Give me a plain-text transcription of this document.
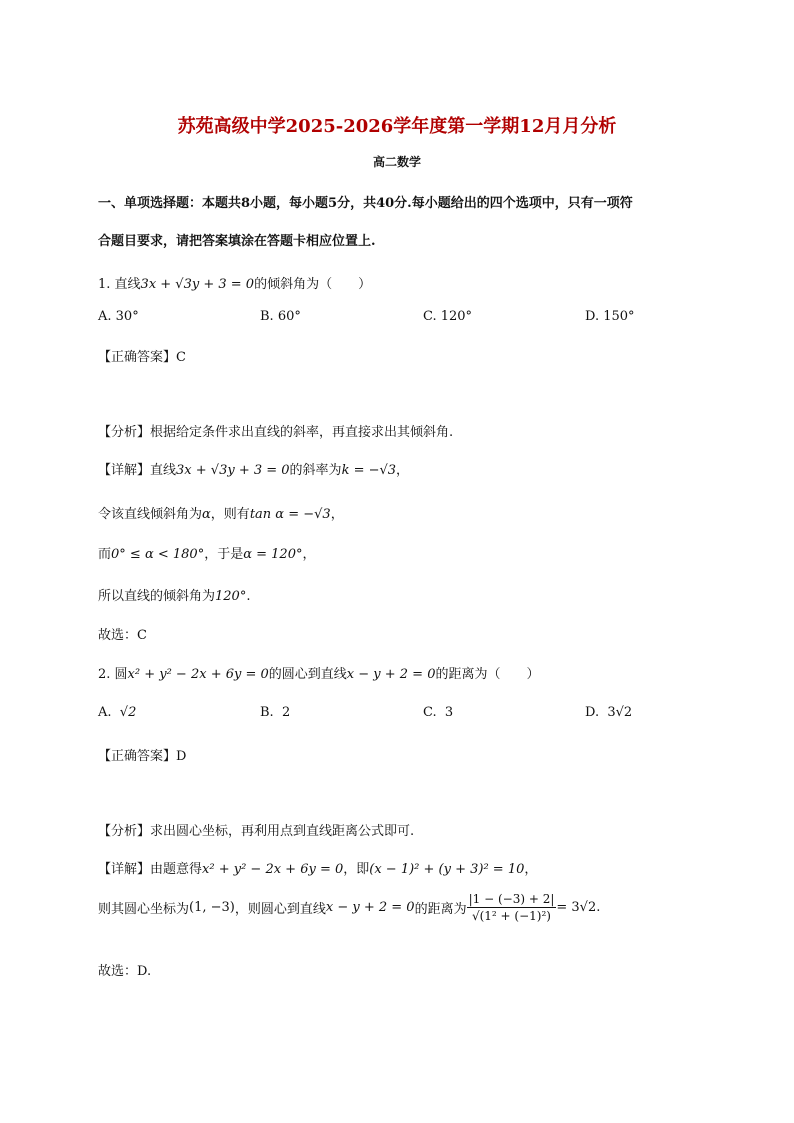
苏苑高级中学2025-2026学年度第一学期12月月分析
高二数学
一、单项选择题：本题共8小题，每小题5分，共40分.每小题给出的四个选项中，只有一项符
合题目要求，请把答案填涂在答题卡相应位置上.
1. 直线3x + √3y + 3 = 0的倾斜角为（　　）
A. 30°	B. 60°	C. 120°	D. 150°
【正确答案】C
【分析】根据给定条件求出直线的斜率，再直接求出其倾斜角.
【详解】直线3x + √3y + 3 = 0的斜率为k = −√3，
令该直线倾斜角为α，则有tan α = −√3，
而0° ≤ α < 180°，于是α = 120°，
所以直线的倾斜角为120°.
故选：C
2. 圆x² + y² − 2x + 6y = 0的圆心到直线x − y + 2 = 0的距离为（　　）
A. √2	B. 2	C. 3	D. 3√2
【正确答案】D
【分析】求出圆心坐标，再利用点到直线距离公式即可.
【详解】由题意得x² + y² − 2x + 6y = 0，即(x − 1)² + (y + 3)² = 10，
则其圆心坐标为(1, −3)，则圆心到直线x − y + 2 = 0的距离为 $\frac{|1 - (-3) + 2|}{\text{√(1² + (−1)²)}} = 3√2$.
故选：D.
